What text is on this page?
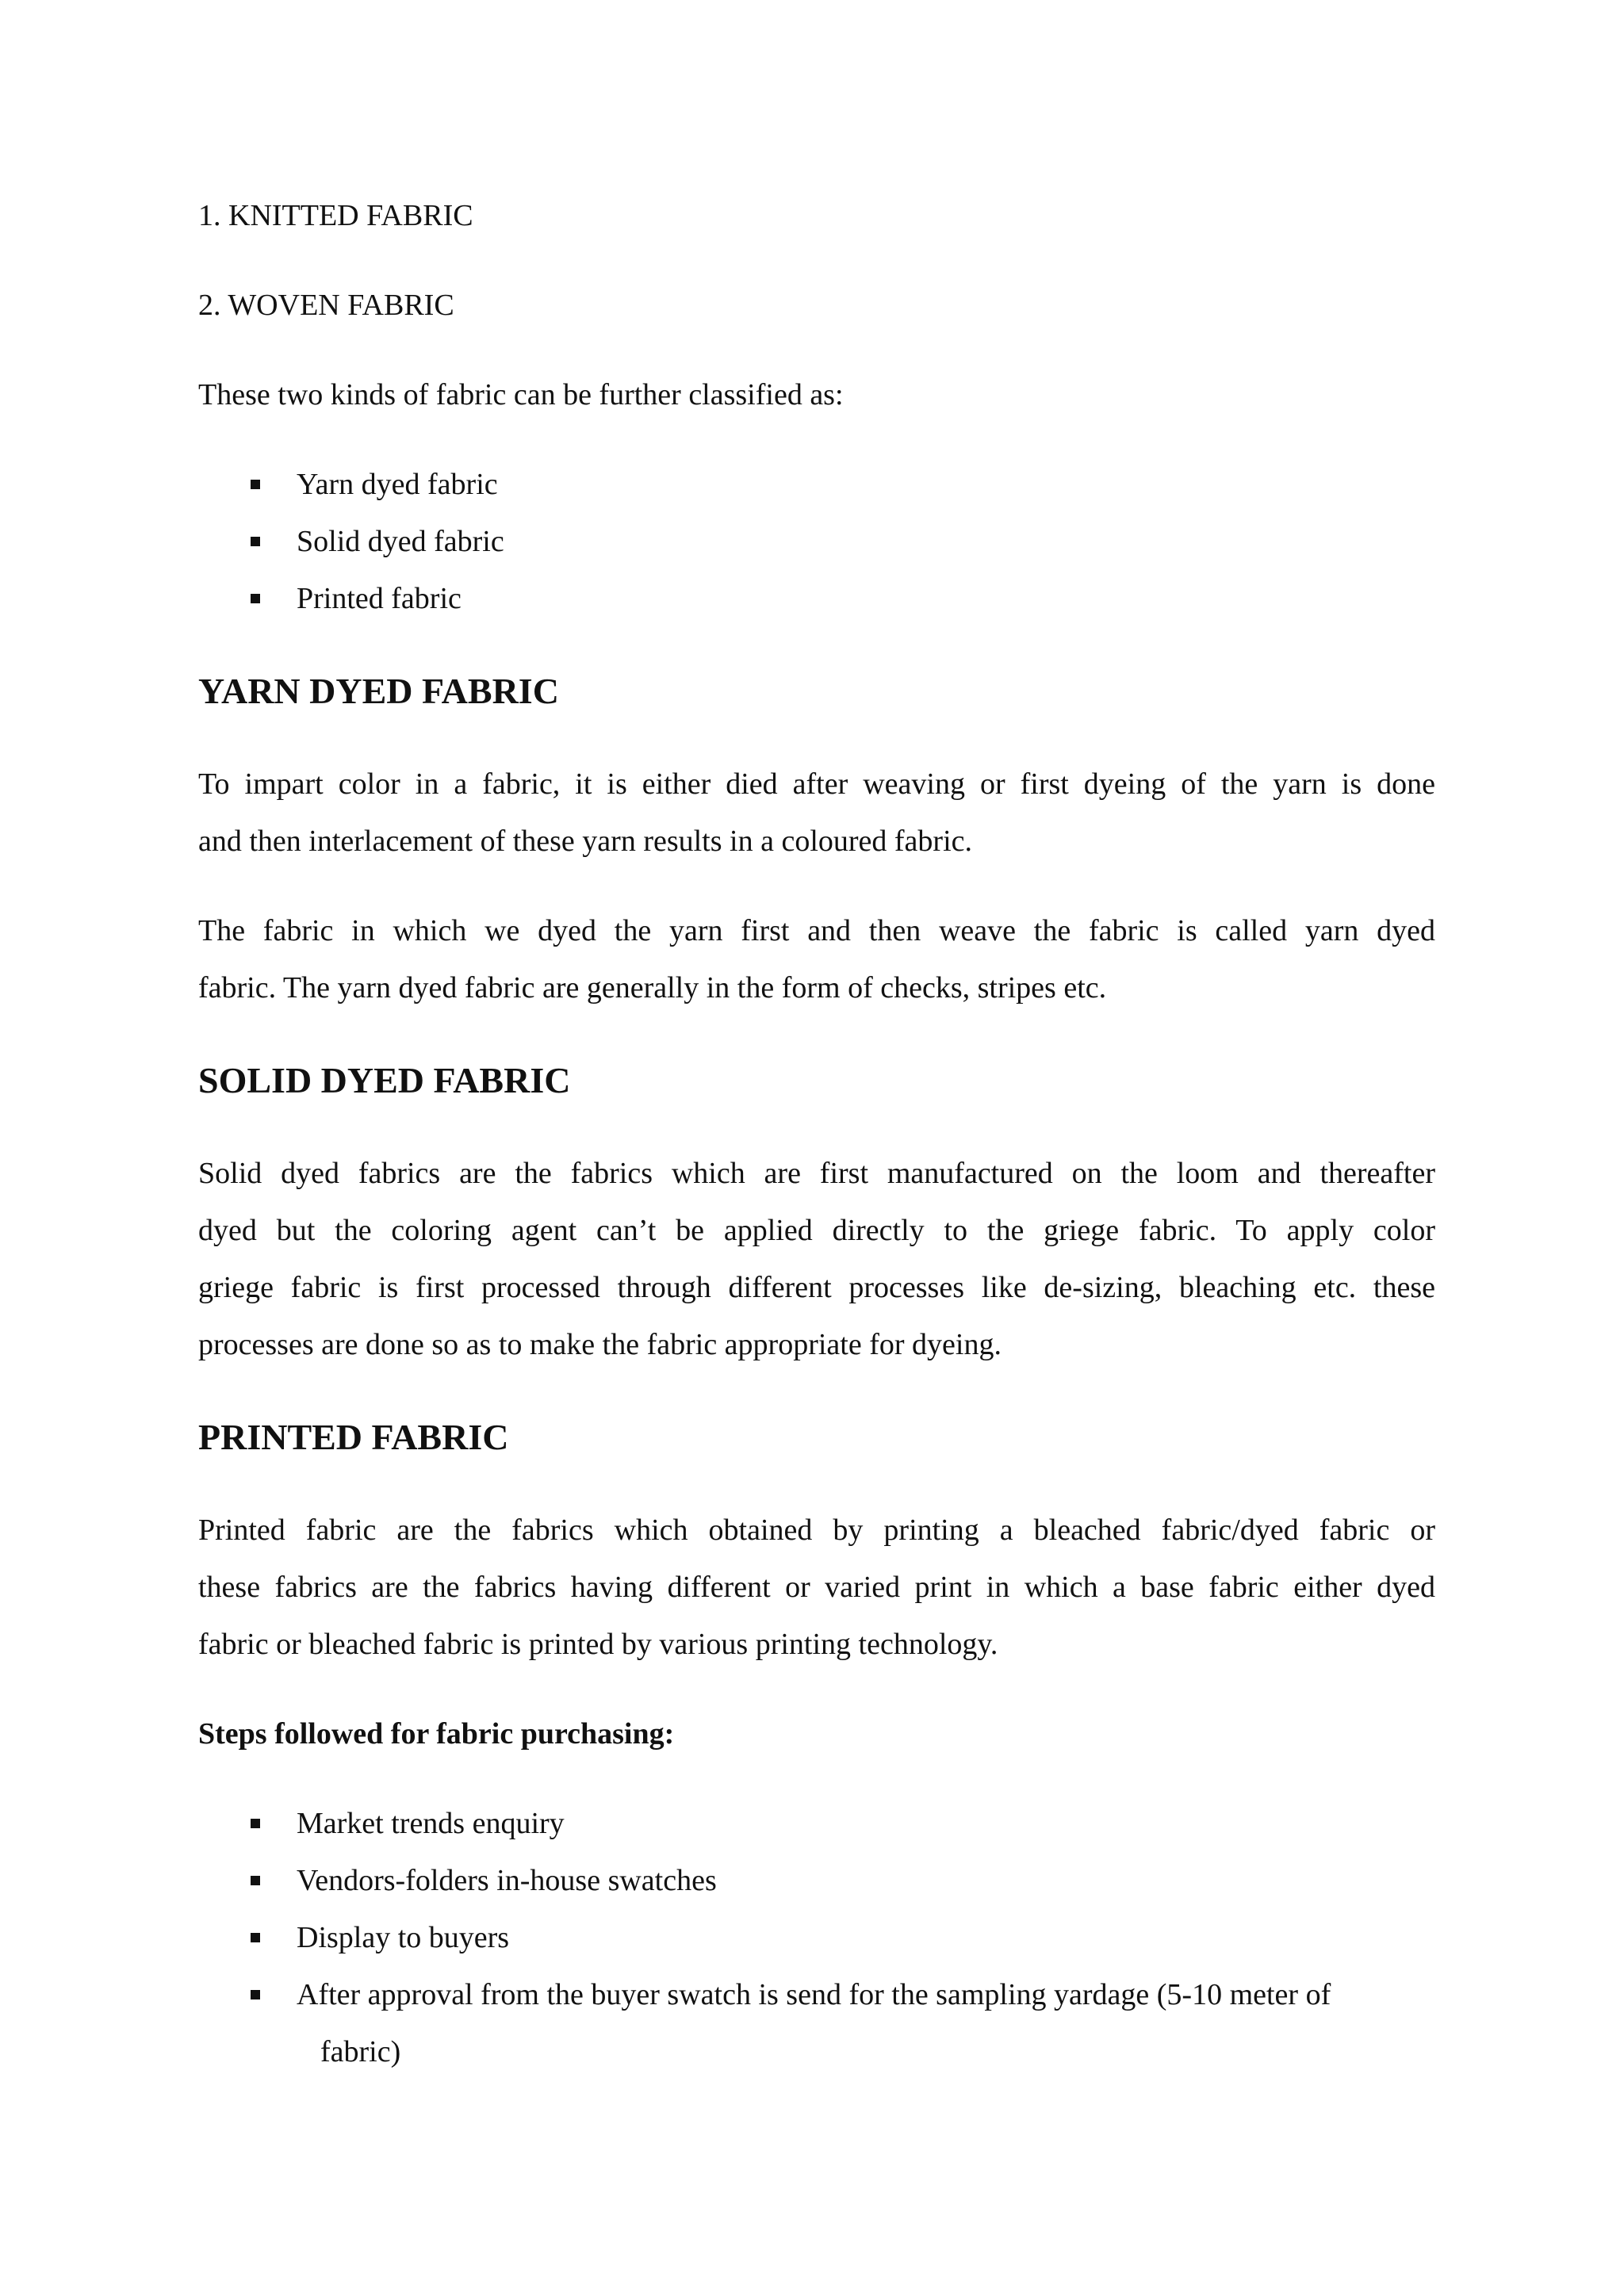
1. KNITTED FABRIC

2. WOVEN FABRIC

These two kinds of fabric can be further classified as:

Yarn dyed fabric
Solid dyed fabric
Printed fabric
YARN DYED FABRIC

To impart color in a fabric, it is either died after weaving or first dyeing of the yarn is done
and then interlacement of these yarn results in a coloured fabric.

The fabric in which we dyed the yarn first and then weave the fabric is called yarn dyed
fabric. The yarn dyed fabric are generally in the form of checks, stripes etc.

SOLID DYED FABRIC

Solid dyed fabrics are the fabrics which are first manufactured on the loom and thereafter
dyed but the coloring agent can’t be applied directly to the griege fabric. To apply color
griege fabric is first processed through different processes like de-sizing, bleaching etc. these
processes are done so as to make the fabric appropriate for dyeing.

PRINTED FABRIC

Printed fabric are the fabrics which obtained by printing a bleached fabric/dyed fabric or
these fabrics are the fabrics having different or varied print in which a base fabric either dyed
fabric or bleached fabric is printed by various printing technology.

Steps followed for fabric purchasing:

Market trends enquiry
Vendors-folders in-house swatches
Display to buyers
After approval from the buyer swatch is send for the sampling yardage (5-10 meter of
fabric)
